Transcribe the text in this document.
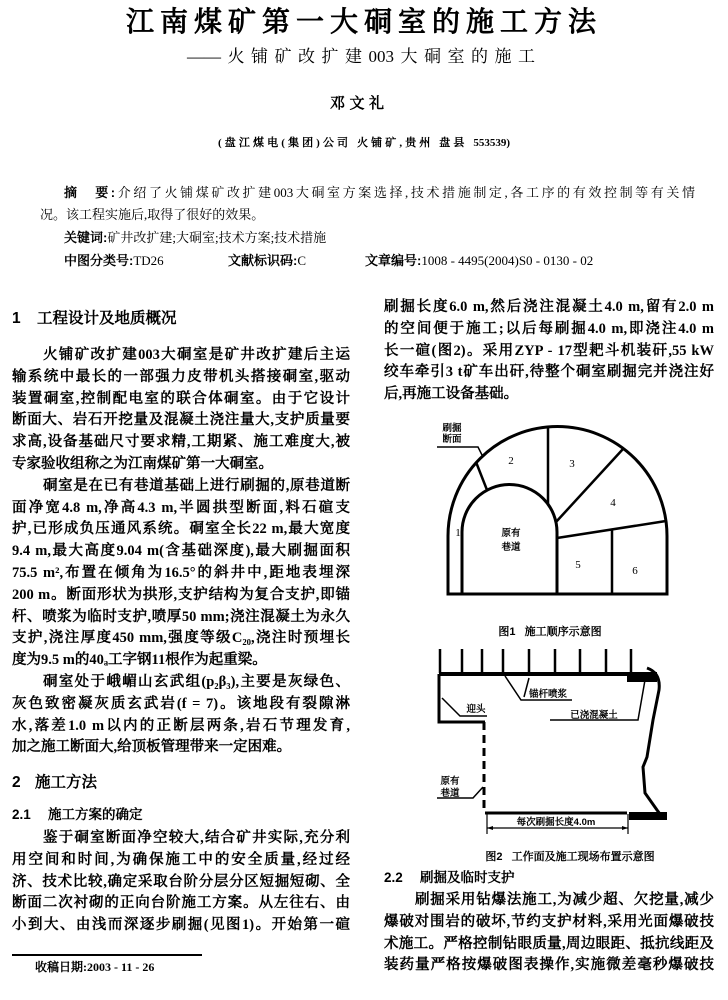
江南煤矿第一大硐室的施工方法
——火铺矿改扩建003大硐室的施工
邓文礼
(盘江煤电(集团)公司 火铺矿,贵州 盘县 553539)
摘　要:介绍了火铺煤矿改扩建003大硐室方案选择,技术措施制定,各工序的有效控制等有关情
况。该工程实施后,取得了很好的效果。
关键词:矿井改扩建;大硐室;技术方案;技术措施
中图分类号:TD26	文献标识码:C	文章编号:1008 - 4495(2004)S0 - 0130 - 02
1 工程设计及地质概况
火铺矿改扩建003大硐室是矿井改扩建后主运
输系统中最长的一部强力皮带机头搭接硐室,驱动
装置硐室,控制配电室的联合体硐室。由于它设计
断面大、岩石开挖量及混凝土浇注量大,支护质量要
求高,设备基础尺寸要求精,工期紧、施工难度大,被
专家验收组称之为江南煤矿第一大硐室。
硐室是在已有巷道基础上进行刷掘的,原巷道断
面净宽4.8 m,净高4.3 m,半圆拱型断面,料石碹支
护,已形成负压通风系统。硐室全长22 m,最大宽度
9.4 m,最大高度9.04 m(含基础深度),最大刷掘面积
75.5 m²,布置在倾角为16.5°的斜井中,距地表埋深
200 m。断面形状为拱形,支护结构为复合支护,即锚
杆、喷浆为临时支护,喷厚50 mm;浇注混凝土为永久
支护,浇注厚度450 mm,强度等级C₂₀,浇注时预埋长
度为9.5 m的40ₐ工字钢11根作为起重梁。
硐室处于峨嵋山玄武组(p₂β₃),主要是灰绿色、
灰色致密凝灰质玄武岩(f = 7)。该地段有裂隙淋
水,落差1.0 m以内的正断层两条,岩石节理发育,
加之施工断面大,给顶板管理带来一定困难。
2 施工方法
2.1 施工方案的确定
鉴于硐室断面净空较大,结合矿井实际,充分利
用空间和时间,为确保施工中的安全质量,经过经
济、技术比较,确定采取台阶分层分区短掘短砌、全
断面二次衬砌的正向台阶施工方案。从左往右、由
小到大、由浅而深逐步刷掘(见图1)。开始第一碹
收稿日期:2003 - 11 - 26
刷掘长度6.0 m,然后浇注混凝土4.0 m,留有2.0 m
的空间便于施工;以后每刷掘4.0 m,即浇注4.0 m
长一碹(图2)。采用ZYP - 17型耙斗机装矸,55 kW
绞车牵引3 t矿车出矸,待整个硐室刷掘完并浇注好
后,再施工设备基础。
刷掘
断面
1
2	3
4
5	6
原有
巷道
图1   施工顺序示意图
迎头
锚杆喷浆
已浇混凝土
原有
巷道
每次刷掘长度4.0m
图2   工作面及施工现场布置示意图
2.2 刷掘及临时支护
刷掘采用钻爆法施工,为减少超、欠挖量,减少
爆破对围岩的破坏,节约支护材料,采用光面爆破技
术施工。严格控制钻眼质量,周边眼距、抵抗线距及
装药量严格按爆破图表操作,实施微差毫秒爆破技
